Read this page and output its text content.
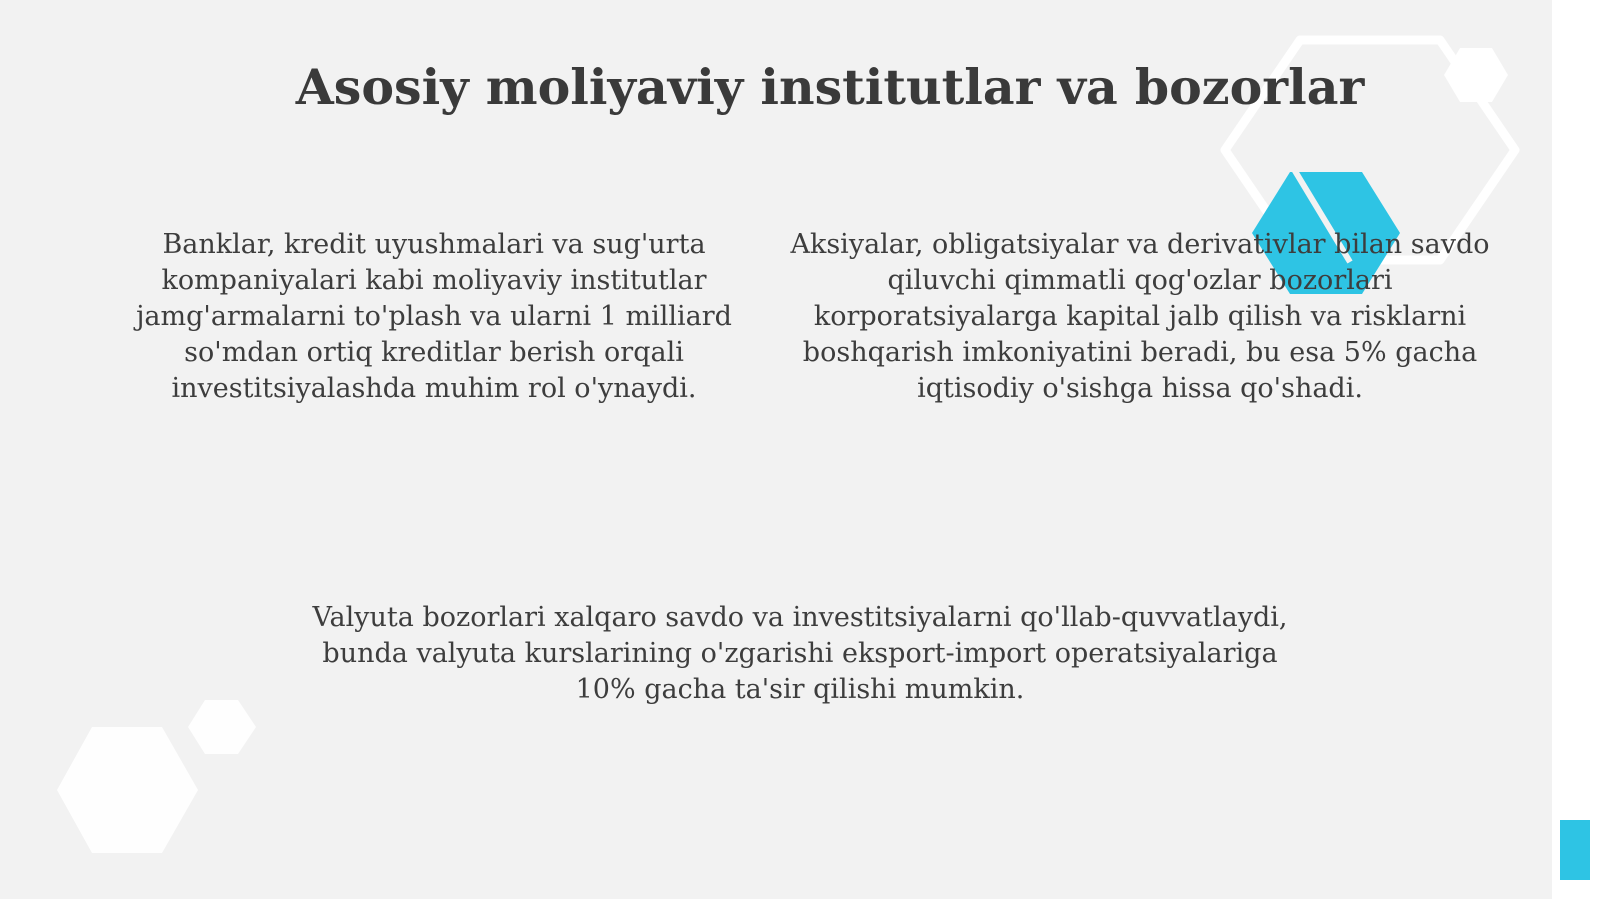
Asosiy moliyaviy institutlar va bozorlar

Banklar, kredit uyushmalari va sug'urta kompaniyalari kabi moliyaviy institutlar jamg'armalarni to'plash va ularni 1 milliard so'mdan ortiq kreditlar berish orqali investitsiyalashda muhim rol o'ynaydi.

Aksiyalar, obligatsiyalar va derivativlar bilan savdo qiluvchi qimmatli qog'ozlar bozorlari korporatsiyalarga kapital jalb qilish va risklarni boshqarish imkoniyatini beradi, bu esa 5% gacha iqtisodiy o'sishga hissa qo'shadi.

Valyuta bozorlari xalqaro savdo va investitsiyalarni qo'llab-quvvatlaydi, bunda valyuta kurslarining o'zgarishi eksport-import operatsiyalariga 10% gacha ta'sir qilishi mumkin.
